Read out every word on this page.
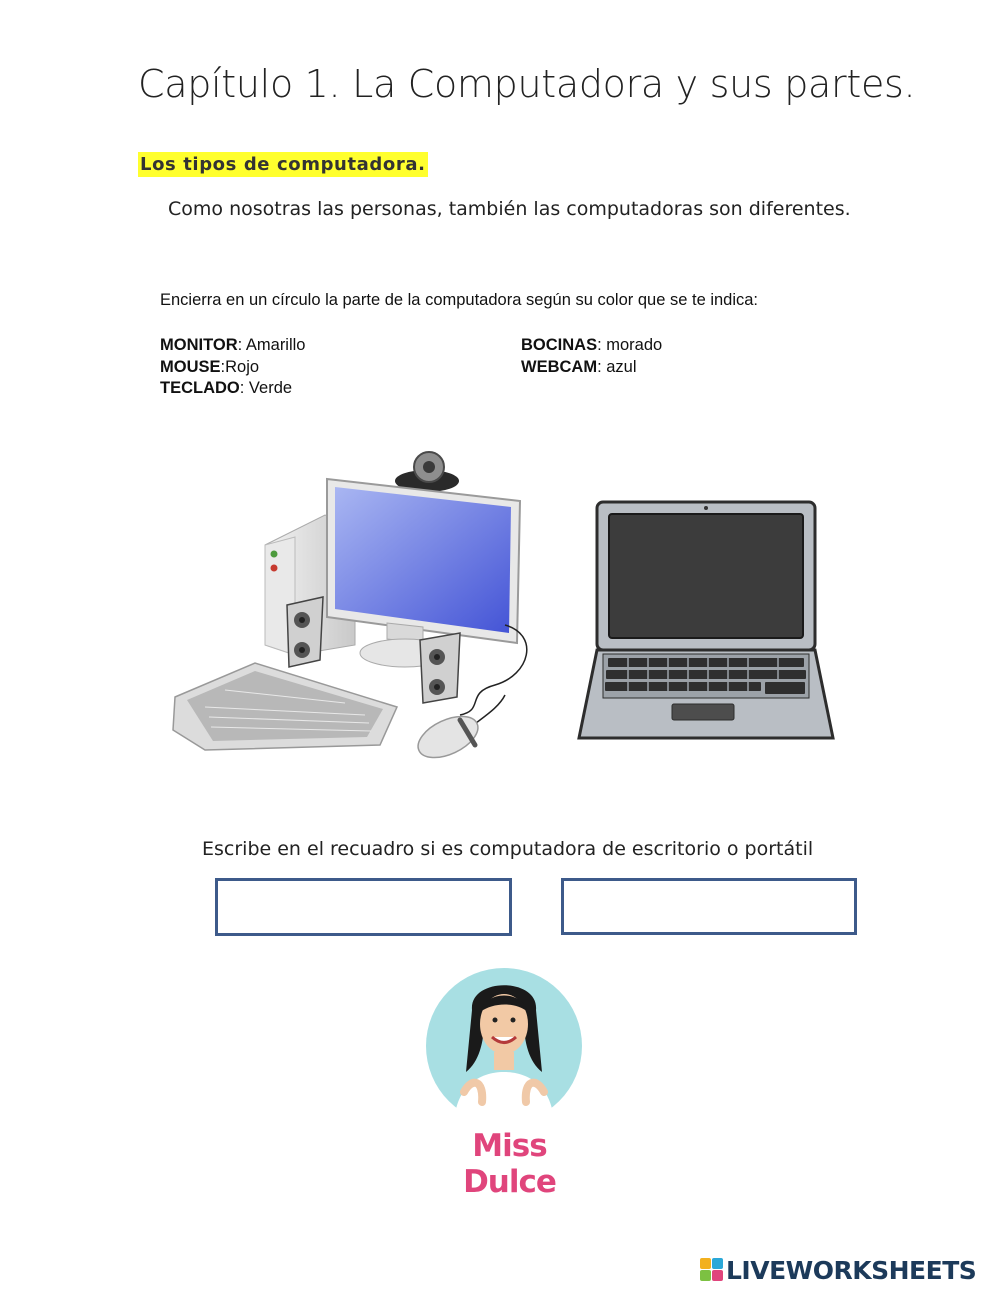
Capítulo 1. La Computadora y sus partes.
Los tipos de computadora.
Como nosotras las personas, también las computadoras son diferentes.
Encierra en un círculo la parte de la computadora según su color que se te indica:
MONITOR: Amarillo
MOUSE:Rojo
TECLADO: Verde
BOCINAS: morado
WEBCAM: azul
Escribe en el recuadro si es computadora de escritorio o portátil
Miss Dulce
LIVEWORKSHEETS
